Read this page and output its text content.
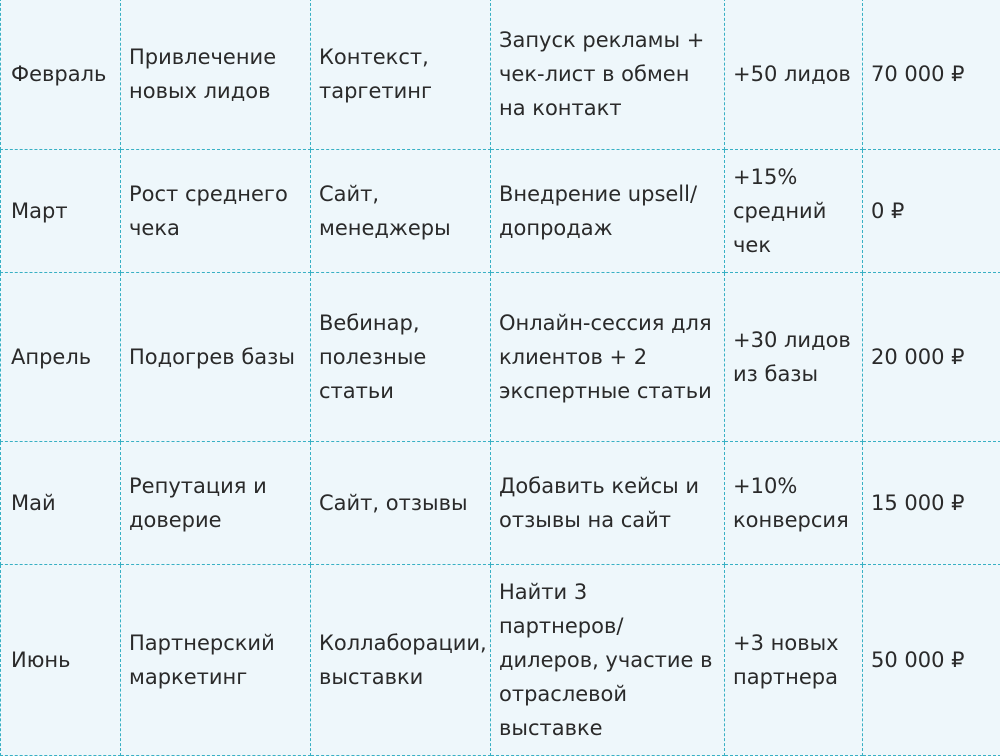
Февраль	Привлечение новых лидов	Контекст, таргетинг	Запуск рекламы + чек-лист в обмен на контакт	+50 лидов	70 000 ₽
Март	Рост среднего чека	Сайт, менеджеры	Внедрение upsell/ допродаж	+15% средний чек	0 ₽
Апрель	Подогрев базы	Вебинар, полезные статьи	Онлайн-сессия для клиентов + 2 экспертные статьи	+30 лидов из базы	20 000 ₽
Май	Репутация и доверие	Сайт, отзывы	Добавить кейсы и отзывы на сайт	+10% конверсия	15 000 ₽
Июнь	Партнерский маркетинг	Коллаборации, выставки	Найти 3 партнеров/ дилеров, участие в отраслевой выставке	+3 новых партнера	50 000 ₽
